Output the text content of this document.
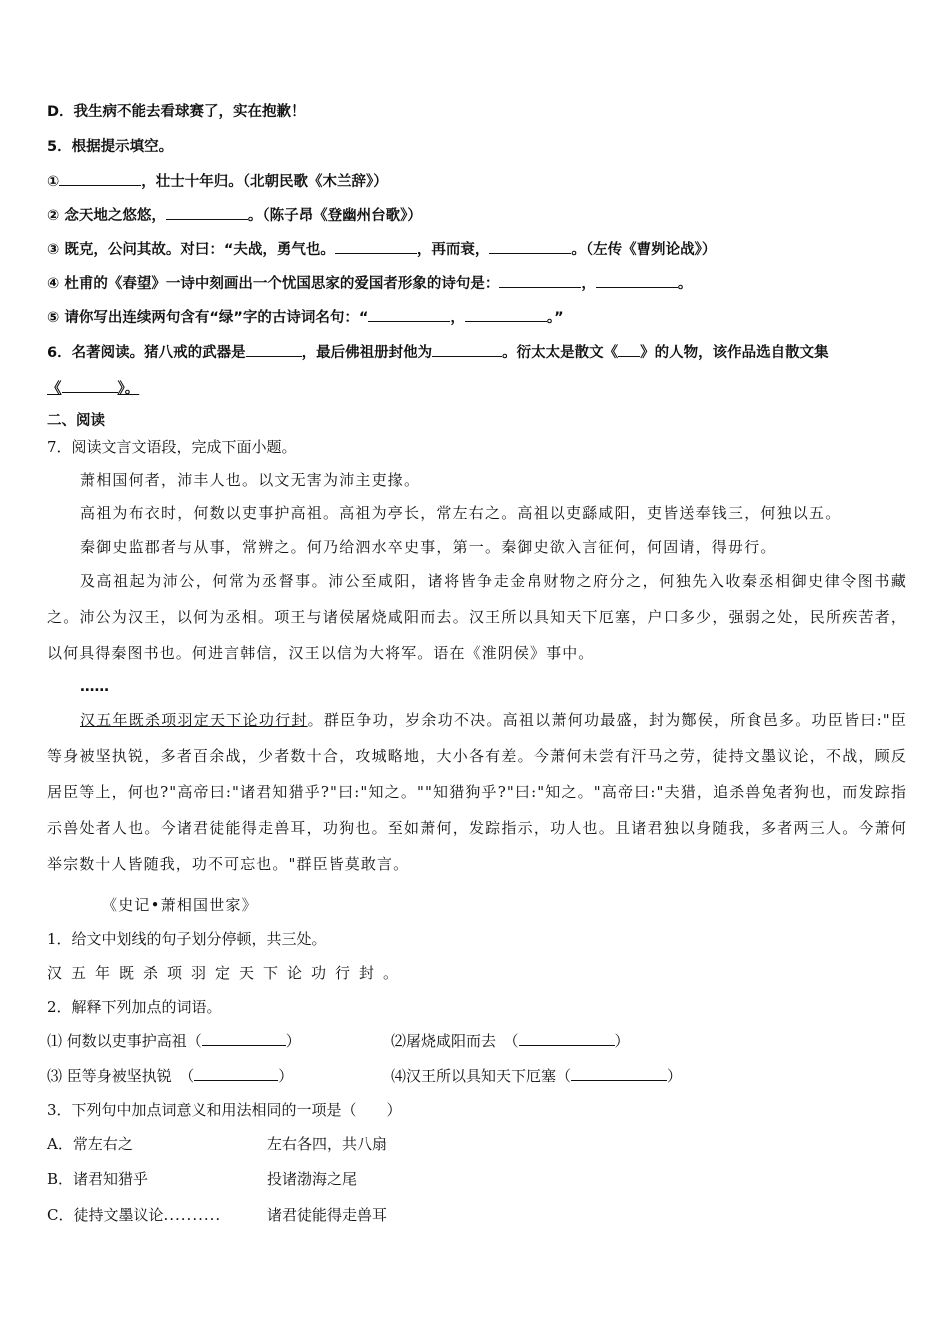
D．我生病不能去看球赛了，实在抱歉！
5．根据提示填空。
①	，壮士十年归。（北朝民歌《木兰辞》）
② 念天地之悠悠，	。（陈子昂《登幽州台歌》）
③ 既克，公问其故。对曰：“夫战，勇气也。	，再而衰，	。（左传《曹刿论战》）
④ 杜甫的《春望》一诗中刻画出一个忧国思家的爱国者形象的诗句是：	，	。
⑤ 请你写出连续两句含有“绿”字的古诗词名句：“	，	。”
6．名著阅读。猪八戒的武器是	，最后佛祖册封他为	。衍太太是散文《 》的人物，该作品选自散文集
《	》。
二、阅读
7．阅读文言文语段，完成下面小题。
萧相国何者，沛丰人也。以文无害为沛主吏掾。
高祖为布衣时，何数以吏事护高祖。高祖为亭长，常左右之。高祖以吏繇咸阳，吏皆送奉钱三，何独以五。
秦御史监郡者与从事，常辨之。何乃给泗水卒史事，第一。秦御史欲入言征何，何固请，得毋行。
及高祖起为沛公，何常为丞督事。沛公至咸阳，诸将皆争走金帛财物之府分之，何独先入收秦丞相御史律令图书藏之。沛公为汉王，以何为丞相。项王与诸侯屠烧咸阳而去。汉王所以具知天下厄塞，户口多少，强弱之处，民所疾苦者，以何具得秦图书也。何进言韩信，汉王以信为大将军。语在《淮阴侯》事中。
……
汉五年既杀项羽定天下论功行封。群臣争功，岁余功不决。高祖以萧何功最盛，封为酂侯，所食邑多。功臣皆曰:"臣等身被坚执锐，多者百余战，少者数十合，攻城略地，大小各有差。今萧何未尝有汗马之劳，徒持文墨议论，不战，顾反居臣等上，何也?"高帝曰:"诸君知猎乎?"曰:"知之。""知猎狗乎?"曰:"知之。"高帝曰:"夫猎，追杀兽兔者狗也，而发踪指示兽处者人也。今诸君徒能得走兽耳，功狗也。至如萧何，发踪指示，功人也。且诸君独以身随我，多者两三人。今萧何举宗数十人皆随我，功不可忘也。"群臣皆莫敢言。
《史记•萧相国世家》
1．给文中划线的句子划分停顿，共三处。
汉五年既杀项羽定天下论功行封。
2．解释下列加点的词语。
⑴ 何数以吏事护高祖（	）	⑵屠烧咸阳而去　（	）
⑶ 臣等身被坚执锐　（	）	⑷汉王所以具知天下厄塞（	）
3．下列句中加点词意义和用法相同的一项是（　　）
A．常左右之	左右各四，共八扇
B．诸君知猎乎	投诸渤海之尾
C．徒持文墨议论..........	诸君徒能得走兽耳
